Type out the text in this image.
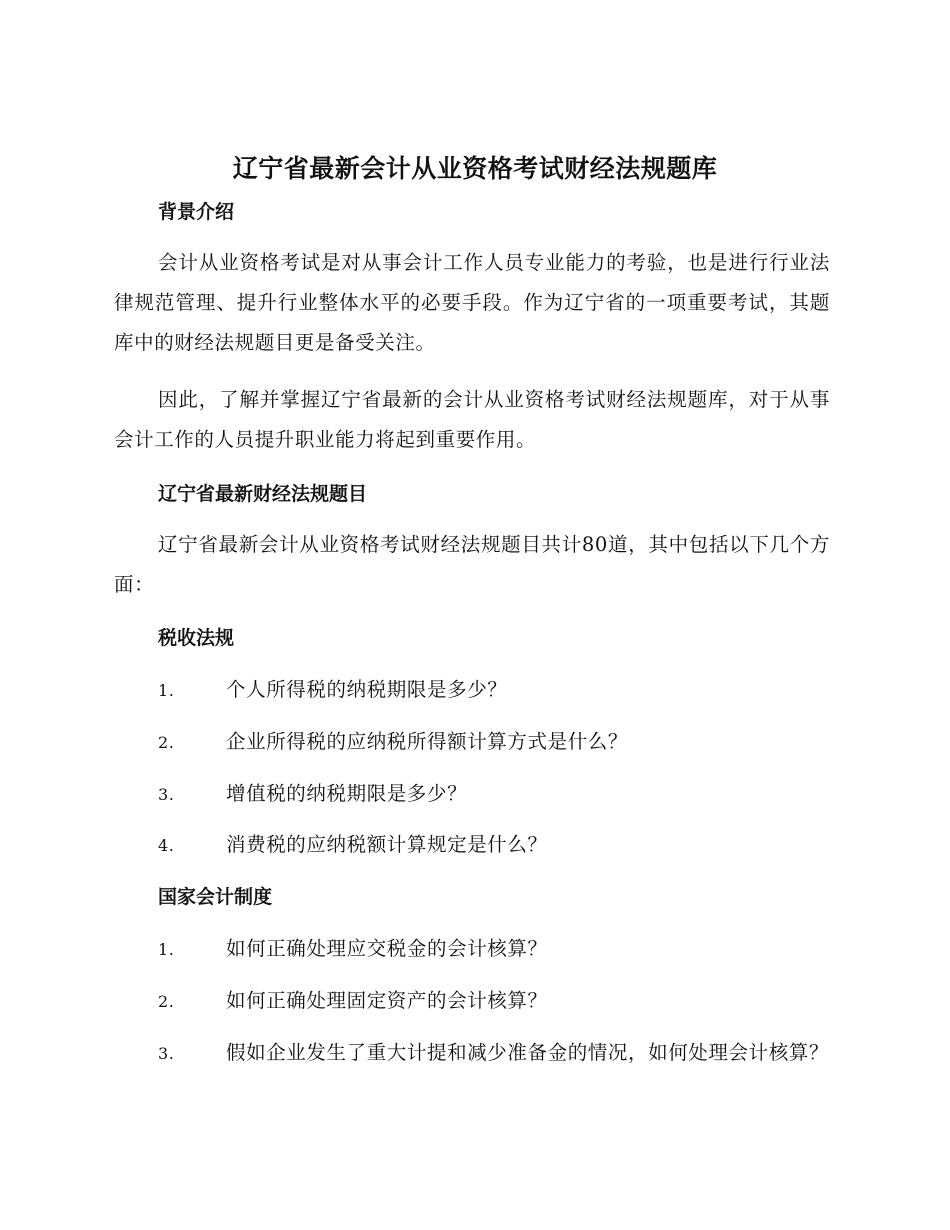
辽宁省最新会计从业资格考试财经法规题库
背景介绍
会计从业资格考试是对从事会计工作人员专业能力的考验，也是进行行业法律规范管理、提升行业整体水平的必要手段。作为辽宁省的一项重要考试，其题库中的财经法规题目更是备受关注。
因此，了解并掌握辽宁省最新的会计从业资格考试财经法规题库，对于从事会计工作的人员提升职业能力将起到重要作用。
辽宁省最新财经法规题目
辽宁省最新会计从业资格考试财经法规题目共计80道，其中包括以下几个方面：
税收法规
1.	个人所得税的纳税期限是多少？
2.	企业所得税的应纳税所得额计算方式是什么？
3.	增值税的纳税期限是多少？
4.	消费税的应纳税额计算规定是什么？
国家会计制度
1.	如何正确处理应交税金的会计核算？
2.	如何正确处理固定资产的会计核算？
3.	假如企业发生了重大计提和减少准备金的情况，如何处理会计核算？
